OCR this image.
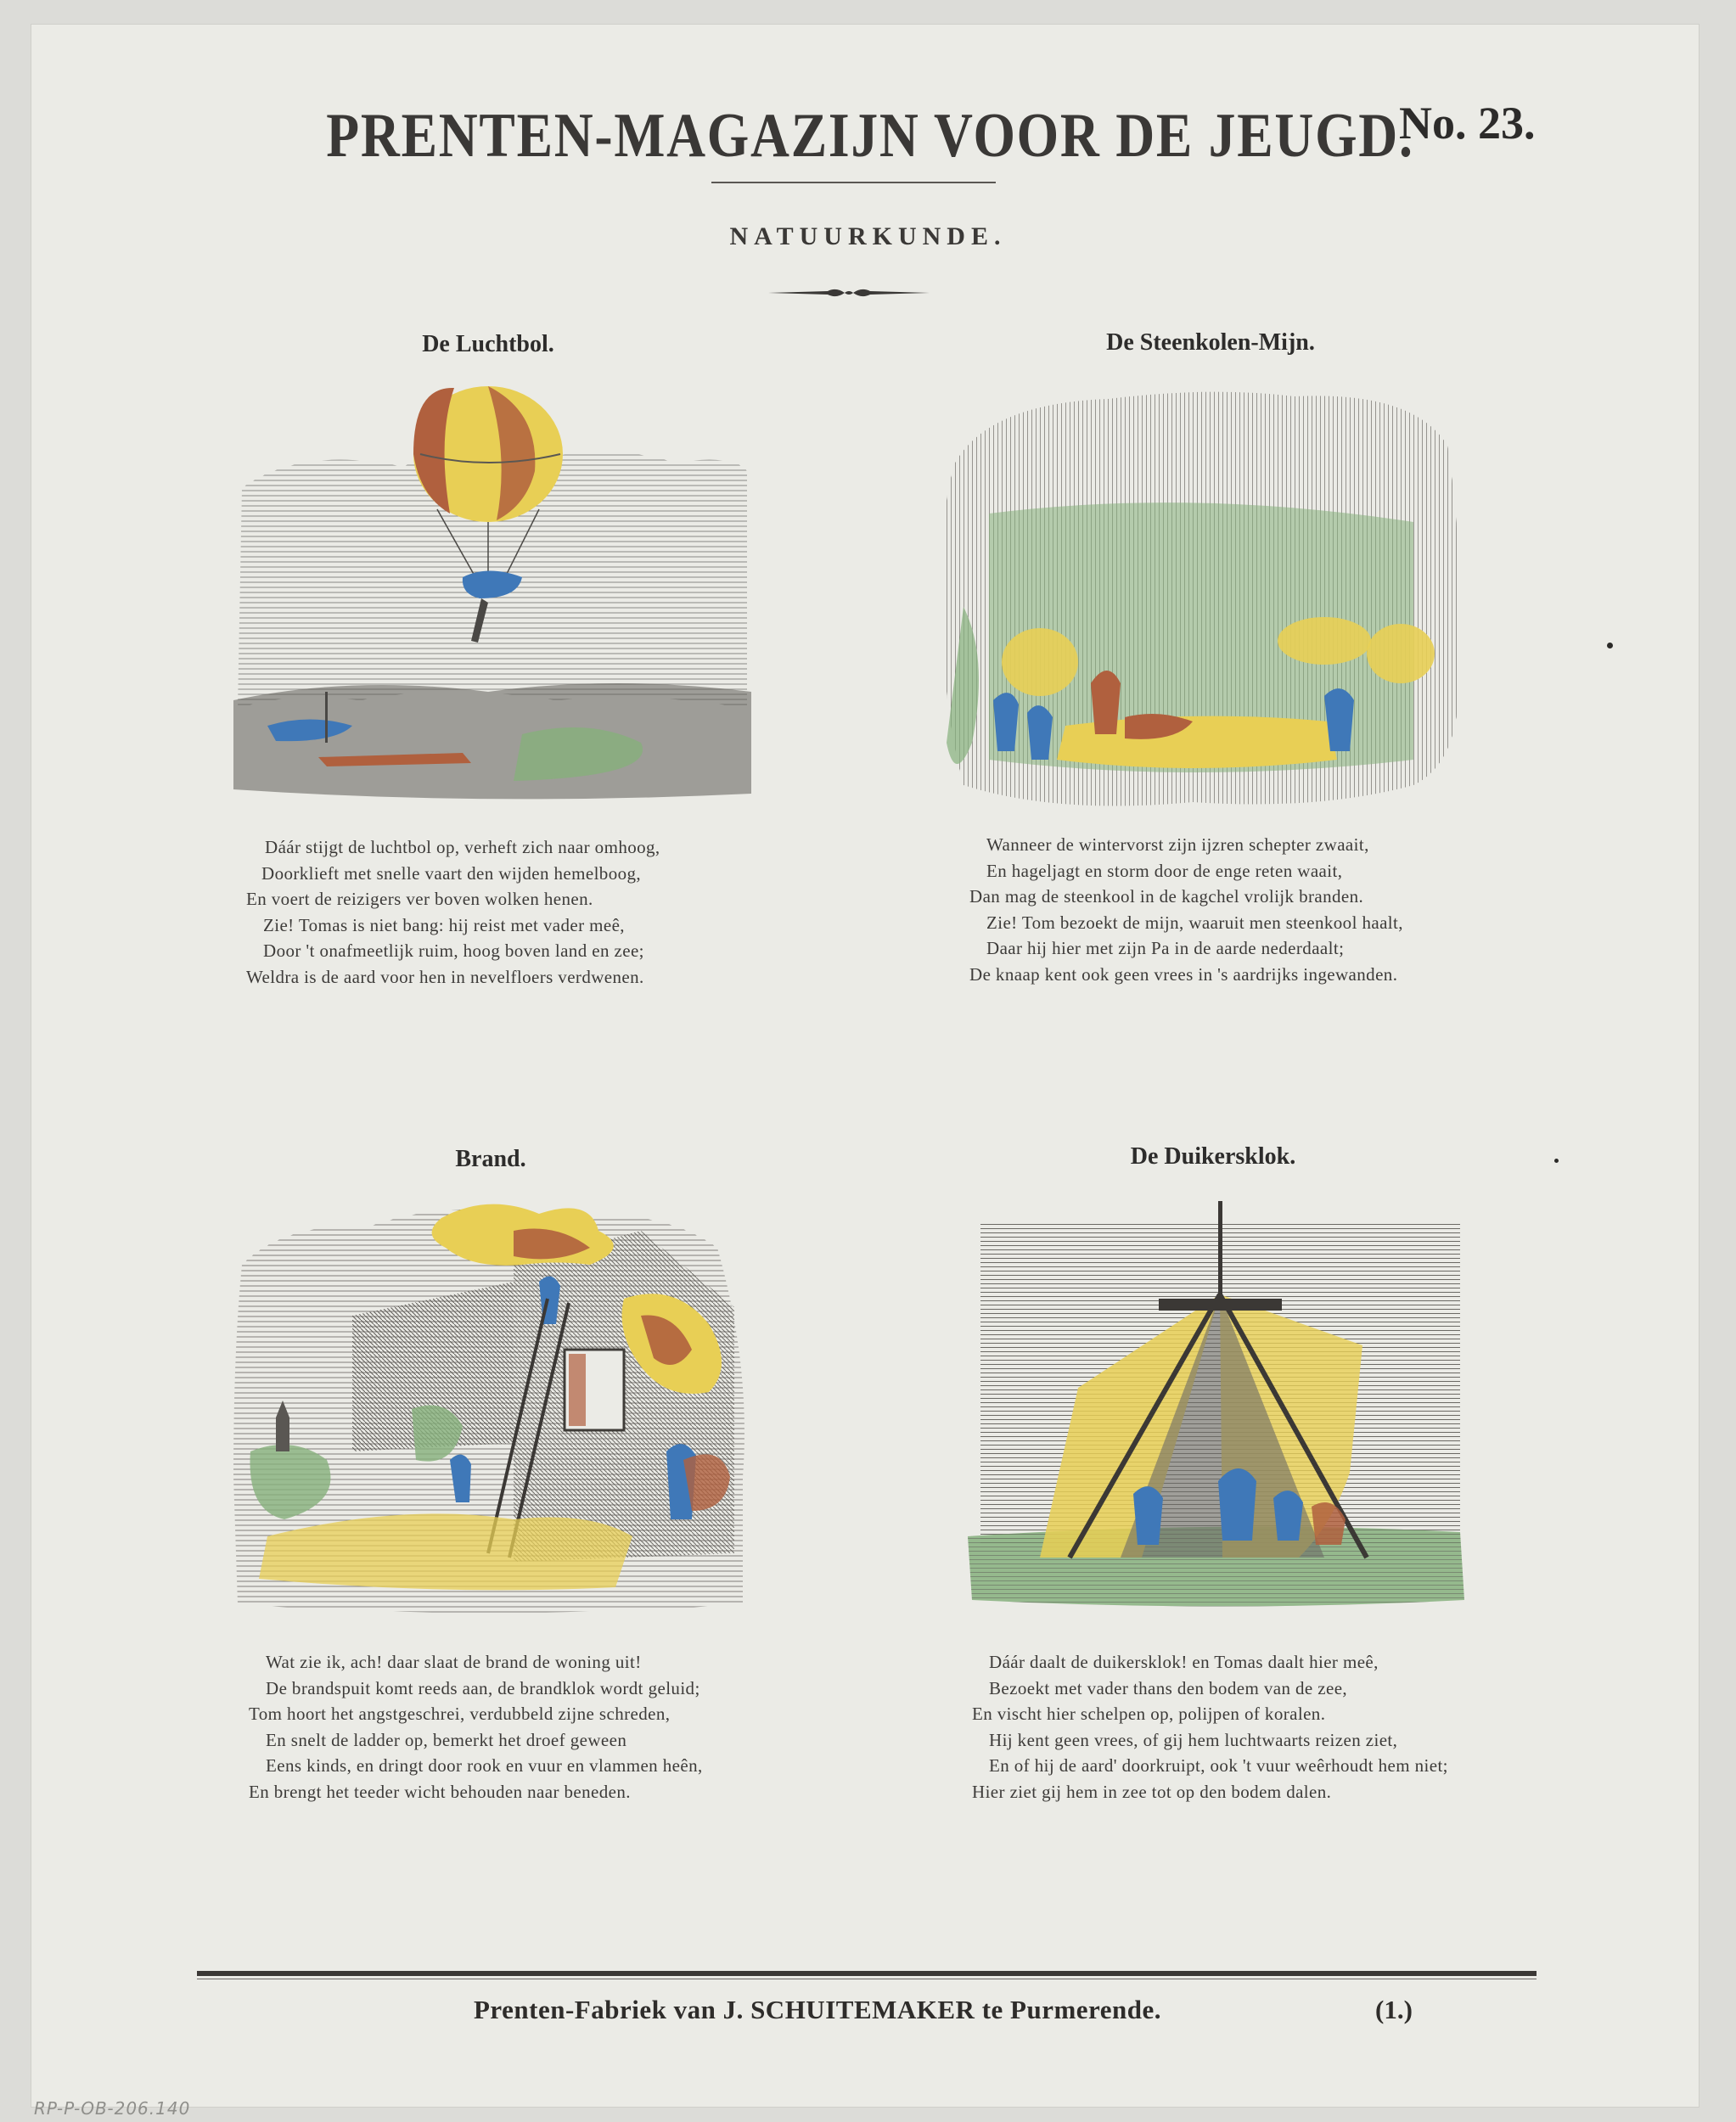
PRENTEN-MAGAZIJN VOOR DE JEUGD.
No. 23.
NATUURKUNDE.
De Luchtbol.
Dáár stijgt de luchtbol op, verheft zich naar omhoog,
Doorklieft met snelle vaart den wijden hemelboog,
En voert de reizigers ver boven wolken henen.
Zie! Tomas is niet bang: hij reist met vader meê,
Door 't onafmeetlijk ruim, hoog boven land en zee;
Weldra is de aard voor hen in nevelfloers verdwenen.
De Steenkolen-Mijn.
Wanneer de wintervorst zijn ijzren schepter zwaait,
En hageljagt en storm door de enge reten waait,
Dan mag de steenkool in de kagchel vrolijk branden.
Zie! Tom bezoekt de mijn, waaruit men steenkool haalt,
Daar hij hier met zijn Pa in de aarde nederdaalt;
De knaap kent ook geen vrees in 's aardrijks ingewanden.
Brand.
Wat zie ik, ach! daar slaat de brand de woning uit!
De brandspuit komt reeds aan, de brandklok wordt geluid;
Tom hoort het angstgeschrei, verdubbeld zijne schreden,
En snelt de ladder op, bemerkt het droef geween
Eens kinds, en dringt door rook en vuur en vlammen heên,
En brengt het teeder wicht behouden naar beneden.
De Duikersklok.
Dáár daalt de duikersklok! en Tomas daalt hier meê,
Bezoekt met vader thans den bodem van de zee,
En vischt hier schelpen op, polijpen of koralen.
Hij kent geen vrees, of gij hem luchtwaarts reizen ziet,
En of hij de aard' doorkruipt, ook 't vuur weêrhoudt hem niet;
Hier ziet gij hem in zee tot op den bodem dalen.
Prenten-Fabriek van J. SCHUITEMAKER te Purmerende.	(1.)
RP-P-OB-206.140
